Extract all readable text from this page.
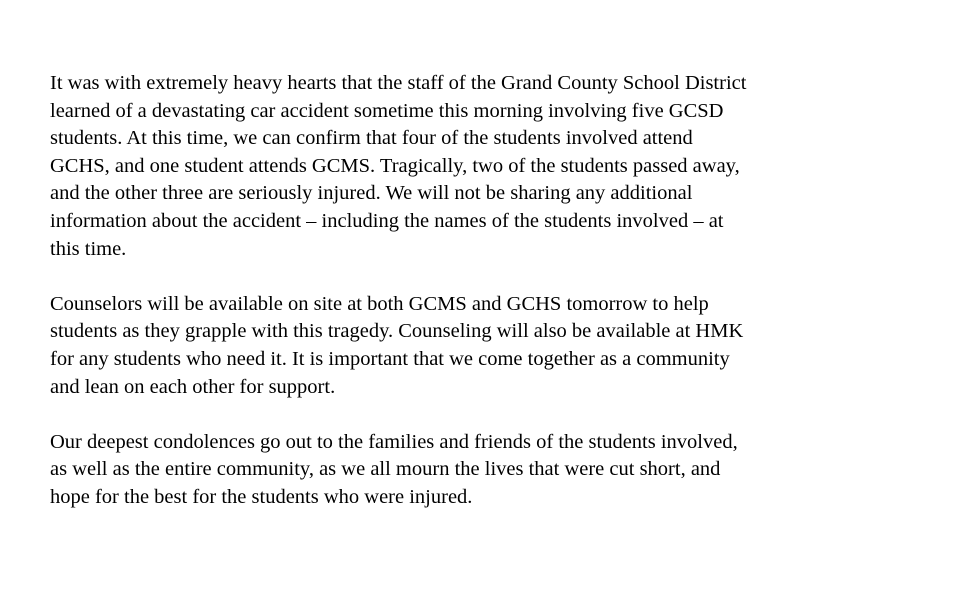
It was with extremely heavy hearts that the staff of the Grand County School District
learned of a devastating car accident sometime this morning involving five GCSD
students. At this time, we can confirm that four of the students involved attend
GCHS, and one student attends GCMS. Tragically, two of the students passed away,
and the other three are seriously injured. We will not be sharing any additional
information about the accident – including the names of the students involved – at
this time.

Counselors will be available on site at both GCMS and GCHS tomorrow to help
students as they grapple with this tragedy. Counseling will also be available at HMK
for any students who need it. It is important that we come together as a community
and lean on each other for support.

Our deepest condolences go out to the families and friends of the students involved,
as well as the entire community, as we all mourn the lives that were cut short, and
hope for the best for the students who were injured.
